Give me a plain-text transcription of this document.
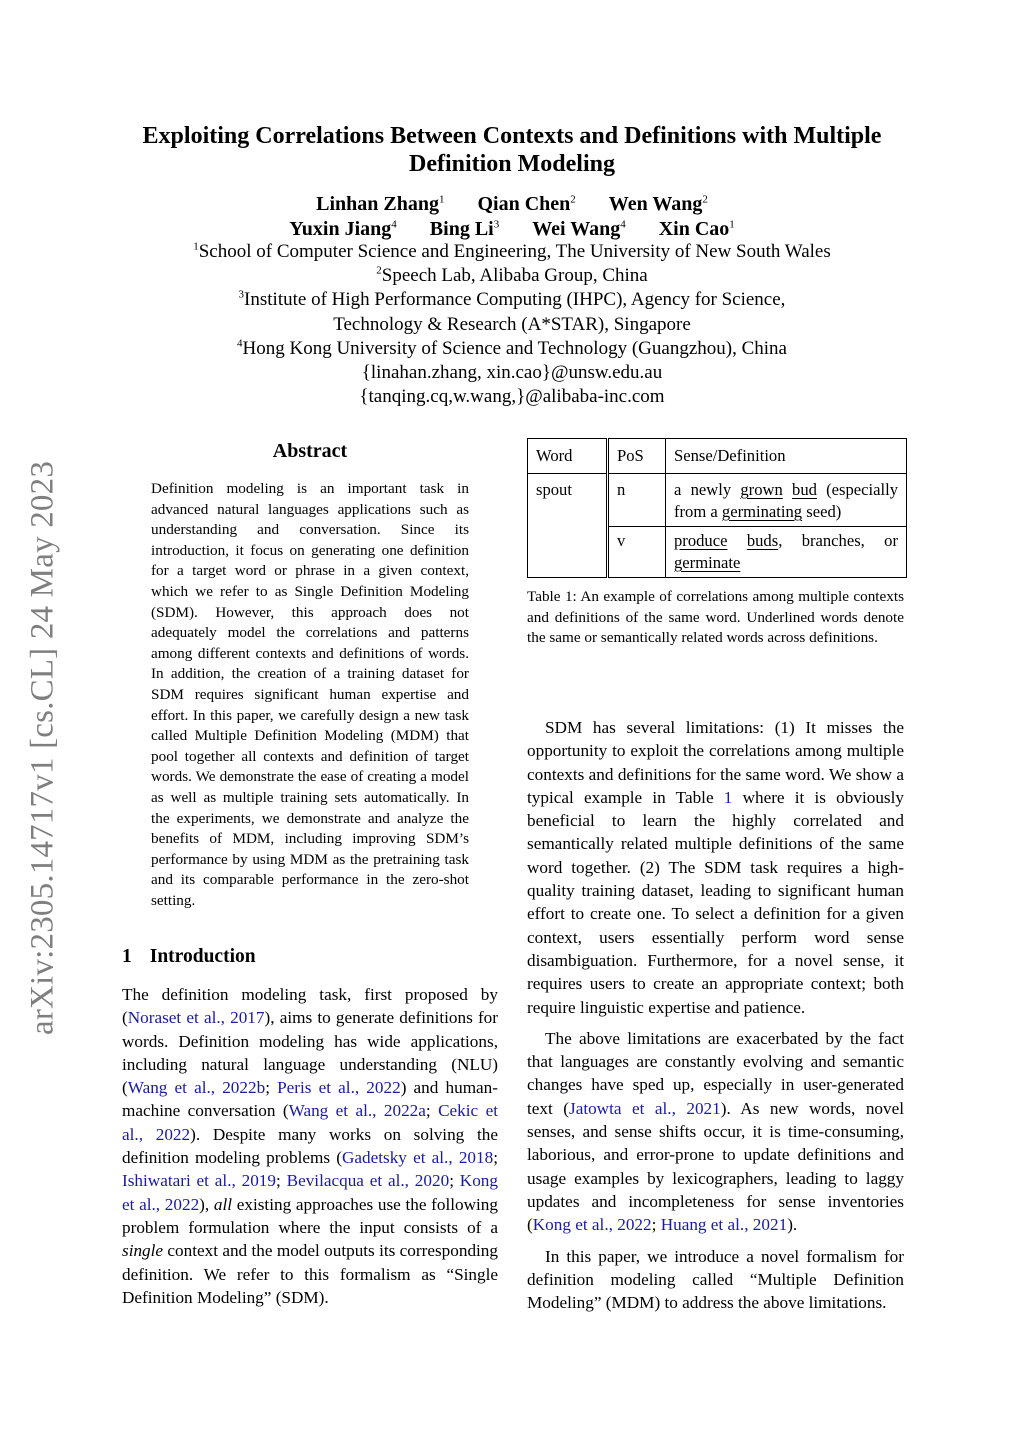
arXiv:2305.14717v1 [cs.CL] 24 May 2023
Exploiting Correlations Between Contexts and Definitions with Multiple
Definition Modeling
Linhan Zhang$^1$ Qian Chen$^2$ Wen Wang$^2$
Yuxin Jiang$^4$ Bing Li$^3$ Wei Wang$^4$ Xin Cao$^1$
$^1$School of Computer Science and Engineering, The University of New South Wales
$^2$Speech Lab, Alibaba Group, China
$^3$Institute of High Performance Computing (IHPC), Agency for Science,
Technology & Research (A*STAR), Singapore
$^4$Hong Kong University of Science and Technology (Guangzhou), China
{linahan.zhang, xin.cao}@unsw.edu.au
{tanqing.cq,w.wang,}@alibaba-inc.com
Abstract
Definition modeling is an important task in advanced natural languages applications such as understanding and conversation. Since its introduction, it focus on generating one definition for a target word or phrase in a given context, which we refer to as Single Definition Modeling (SDM). However, this approach does not adequately model the correlations and patterns among different contexts and definitions of words. In addition, the creation of a training dataset for SDM requires significant human expertise and effort. In this paper, we carefully design a new task called Multiple Definition Modeling (MDM) that pool together all contexts and definition of target words. We demonstrate the ease of creating a model as well as multiple training sets automatically. In the experiments, we demonstrate and analyze the benefits of MDM, including improving SDM’s performance by using MDM as the pretraining task and its comparable performance in the zero-shot setting.
1 Introduction

The definition modeling task, first proposed by (Noraset et al., 2017), aims to generate definitions for words. Definition modeling has wide applications, including natural language understanding (NLU) (Wang et al., 2022b; Peris et al., 2022) and human-machine conversation (Wang et al., 2022a; Cekic et al., 2022). Despite many works on solving the definition modeling problems (Gadetsky et al., 2018; Ishiwatari et al., 2019; Bevilacqua et al., 2020; Kong et al., 2022), all existing approaches use the following problem formulation where the input consists of a single context and the model outputs its corresponding definition. We refer to this formalism as “Single Definition Modeling” (SDM).

Word	PoS	Sense/Definition

spout	n	a newly grown bud (especially from a germinating seed)
	v	produce buds, branches, or germinate
Table 1: An example of correlations among multiple contexts and definitions of the same word. Underlined words denote the same or semantically related words across definitions.

SDM has several limitations: (1) It misses the opportunity to exploit the correlations among multiple contexts and definitions for the same word. We show a typical example in Table 1 where it is obviously beneficial to learn the highly correlated and semantically related multiple definitions of the same word together. (2) The SDM task requires a high-quality training dataset, leading to significant human effort to create one. To select a definition for a given context, users essentially perform word sense disambiguation. Furthermore, for a novel sense, it requires users to create an appropriate context; both require linguistic expertise and patience.

The above limitations are exacerbated by the fact that languages are constantly evolving and semantic changes have sped up, especially in user-generated text (Jatowta et al., 2021). As new words, novel senses, and sense shifts occur, it is time-consuming, laborious, and error-prone to update definitions and usage examples by lexicographers, leading to laggy updates and incompleteness for sense inventories (Kong et al., 2022; Huang et al., 2021).

In this paper, we introduce a novel formalism for definition modeling called “Multiple Definition Modeling” (MDM) to address the above limitations.
